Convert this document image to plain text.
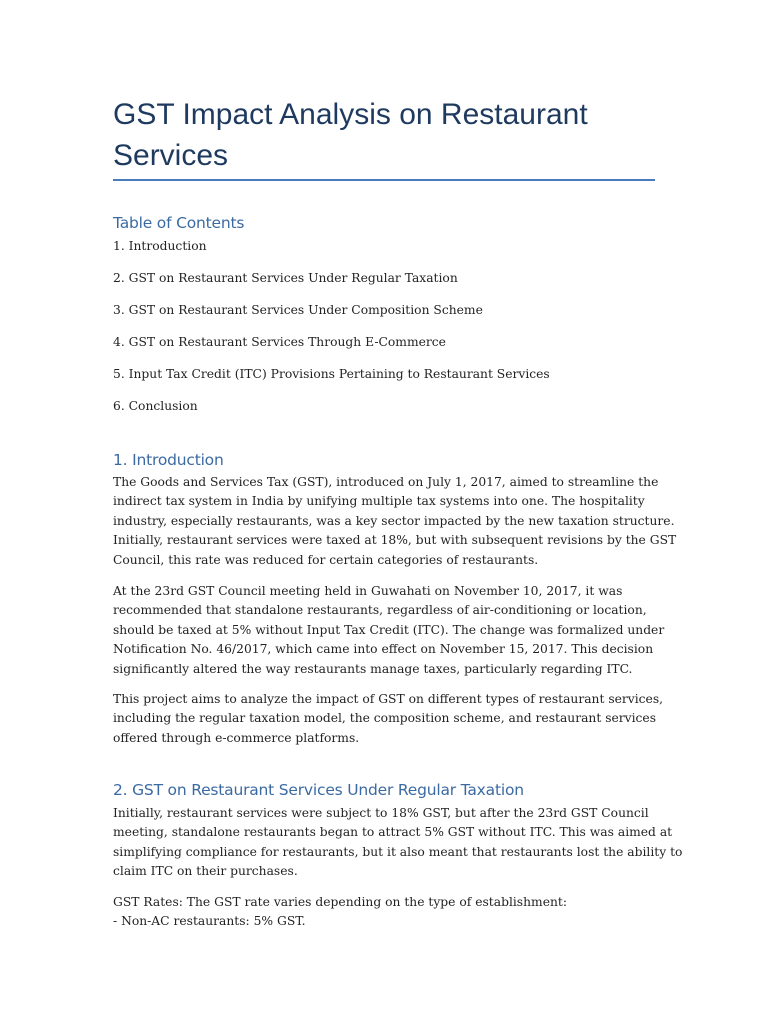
GST Impact Analysis on Restaurant
Services
Table of Contents
1. Introduction
2. GST on Restaurant Services Under Regular Taxation
3. GST on Restaurant Services Under Composition Scheme
4. GST on Restaurant Services Through E-Commerce
5. Input Tax Credit (ITC) Provisions Pertaining to Restaurant Services
6. Conclusion
1. Introduction

The Goods and Services Tax (GST), introduced on July 1, 2017, aimed to streamline the
indirect tax system in India by unifying multiple tax systems into one. The hospitality
industry, especially restaurants, was a key sector impacted by the new taxation structure.
Initially, restaurant services were taxed at 18%, but with subsequent revisions by the GST
Council, this rate was reduced for certain categories of restaurants.

At the 23rd GST Council meeting held in Guwahati on November 10, 2017, it was
recommended that standalone restaurants, regardless of air-conditioning or location,
should be taxed at 5% without Input Tax Credit (ITC). The change was formalized under
Notification No. 46/2017, which came into effect on November 15, 2017. This decision
significantly altered the way restaurants manage taxes, particularly regarding ITC.

This project aims to analyze the impact of GST on different types of restaurant services,
including the regular taxation model, the composition scheme, and restaurant services
offered through e-commerce platforms.

2. GST on Restaurant Services Under Regular Taxation

Initially, restaurant services were subject to 18% GST, but after the 23rd GST Council
meeting, standalone restaurants began to attract 5% GST without ITC. This was aimed at
simplifying compliance for restaurants, but it also meant that restaurants lost the ability to
claim ITC on their purchases.

GST Rates: The GST rate varies depending on the type of establishment:
- Non-AC restaurants: 5% GST.
